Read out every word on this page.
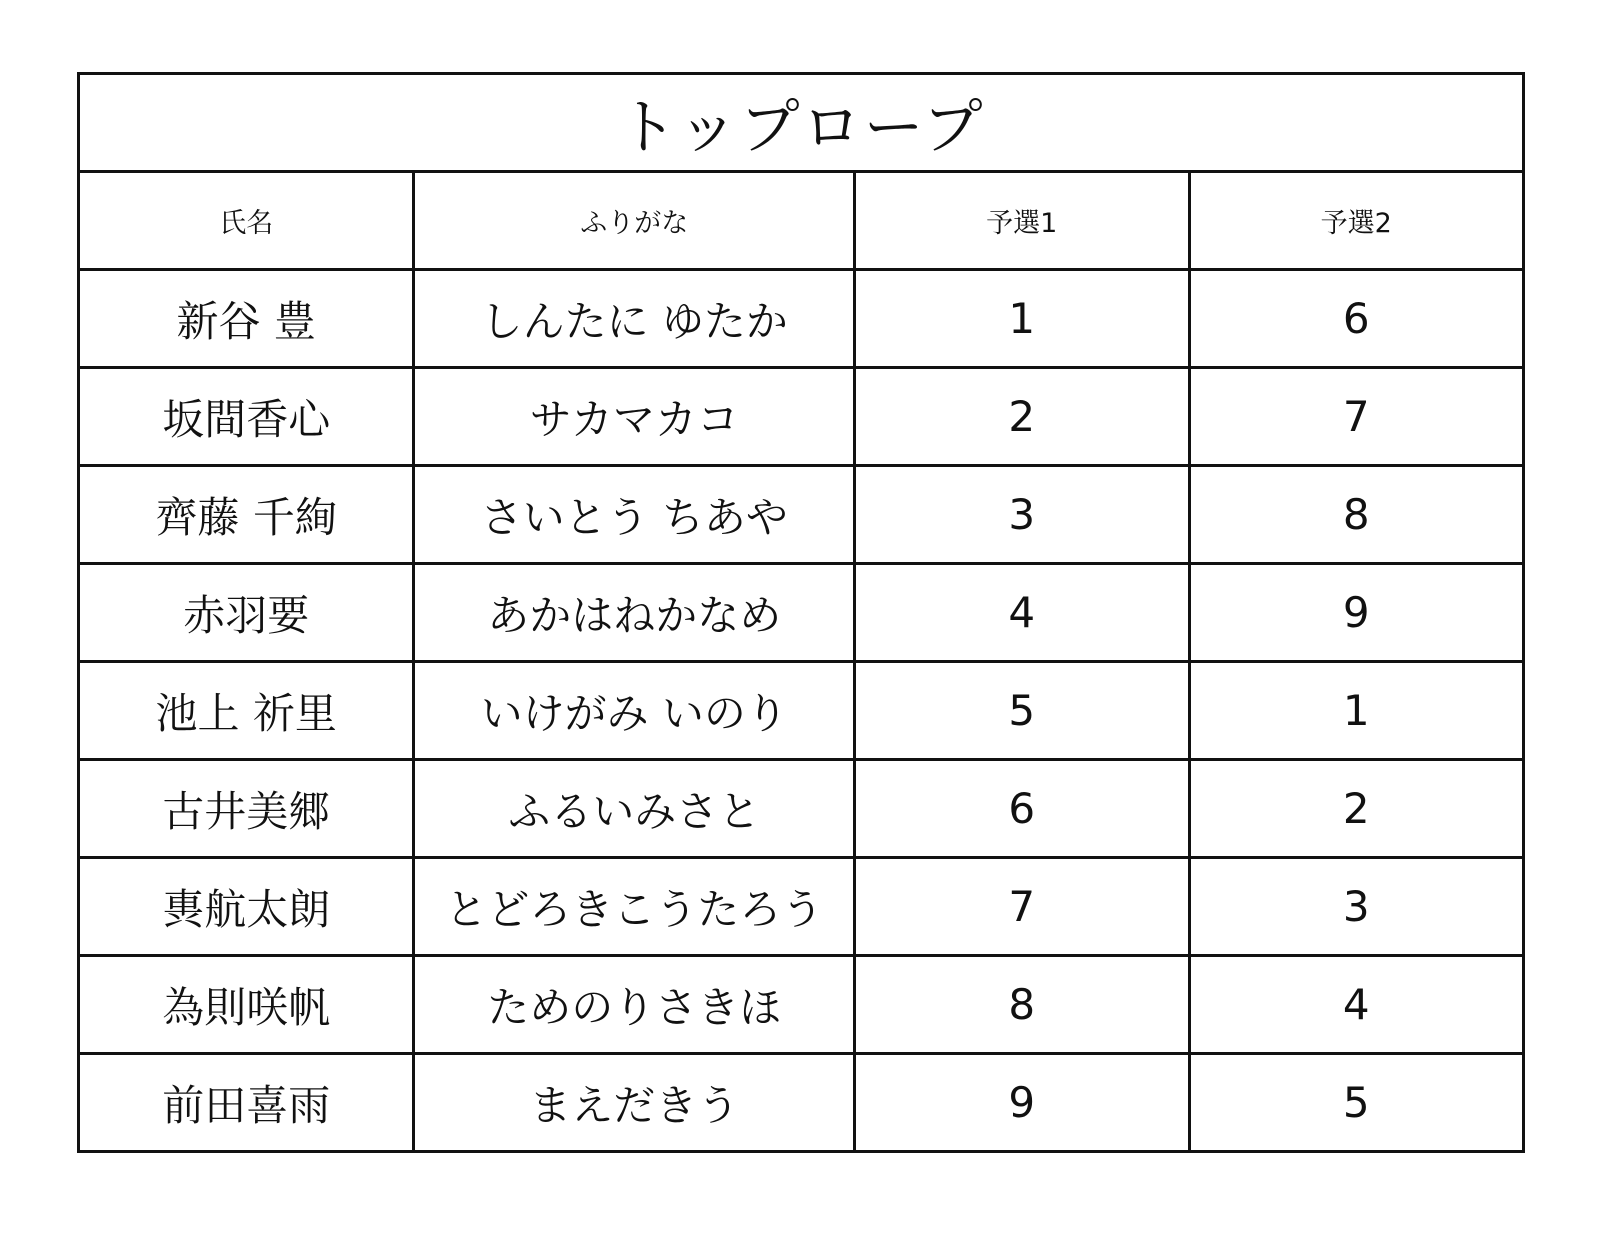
トップロープ			
氏名	ふりがな	予選1	予選2
新谷 豊	しんたに ゆたか	1	6
坂間香心	サカマカコ	2	7
齊藤 千絢	さいとう ちあや	3	8
赤羽要	あかはねかなめ	4	9
池上 祈里	いけがみ いのり	5	1
古井美郷	ふるいみさと	6	2
軣航太朗	とどろきこうたろう	7	3
為則咲帆	ためのりさきほ	8	4
前田喜雨	まえだきう	9	5
